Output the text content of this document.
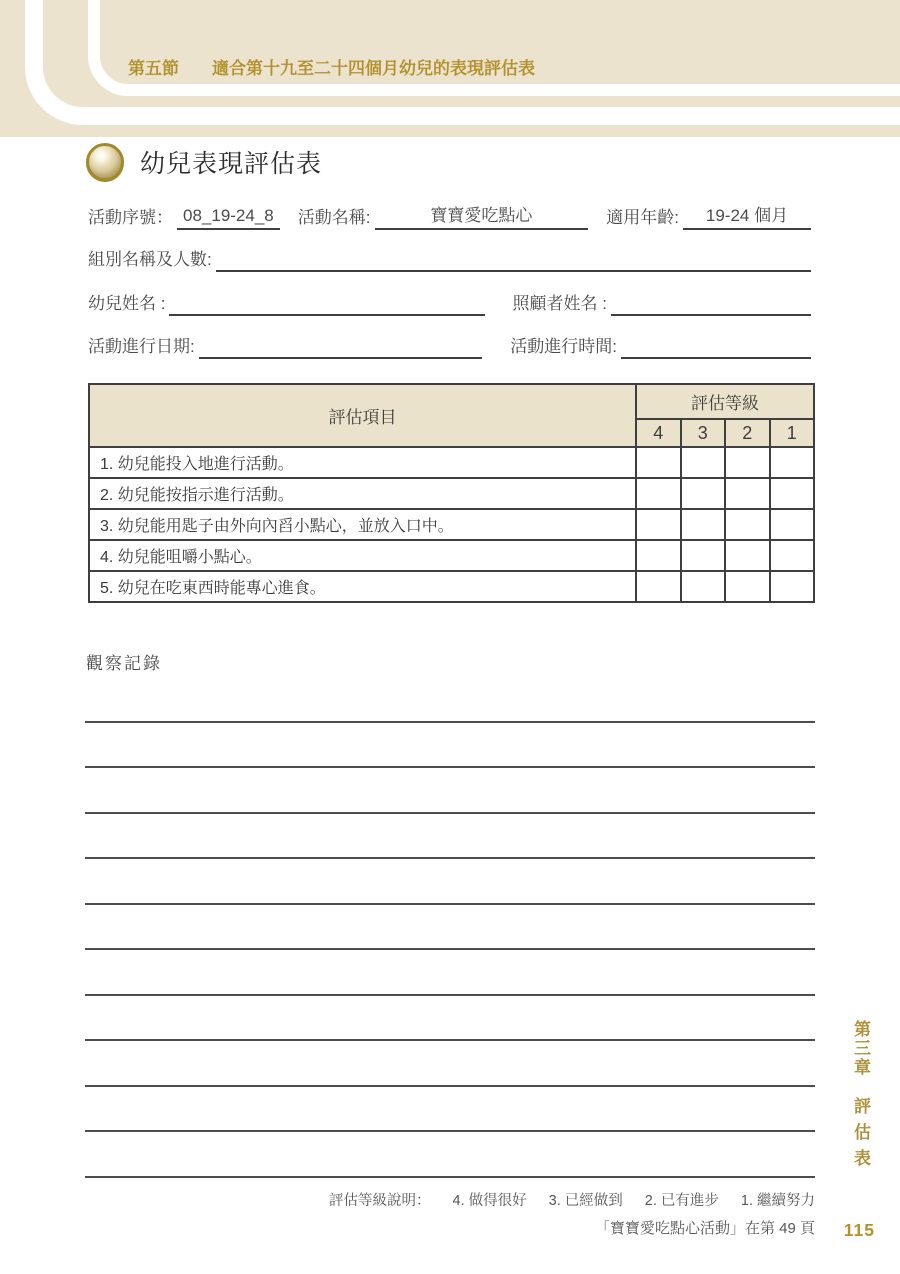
第五節 適合第十九至二十四個月幼兒的表現評估表
幼兒表現評估表
活動序號： 08_19-24_8	活動名稱:	寶寶愛吃點心	適用年齡:	19-24 個月
組別名稱及人數:
幼兒姓名 :	照顧者姓名 :
活動進行日期:	活動進行時間:
評估項目	評估等級			
	4	3	2	1
1. 幼兒能投入地進行活動。				
2. 幼兒能按指示進行活動。				
3. 幼兒能用匙子由外向內舀小點心，並放入口中。				
4. 幼兒能咀嚼小點心。				
5. 幼兒在吃東西時能專心進食。				
觀察記錄
評估等級說明： 4. 做得很好 3. 已經做到 2. 已有進步 1. 繼續努力
「寶寶愛吃點心活動」在第 49 頁
第三章評估表
115
